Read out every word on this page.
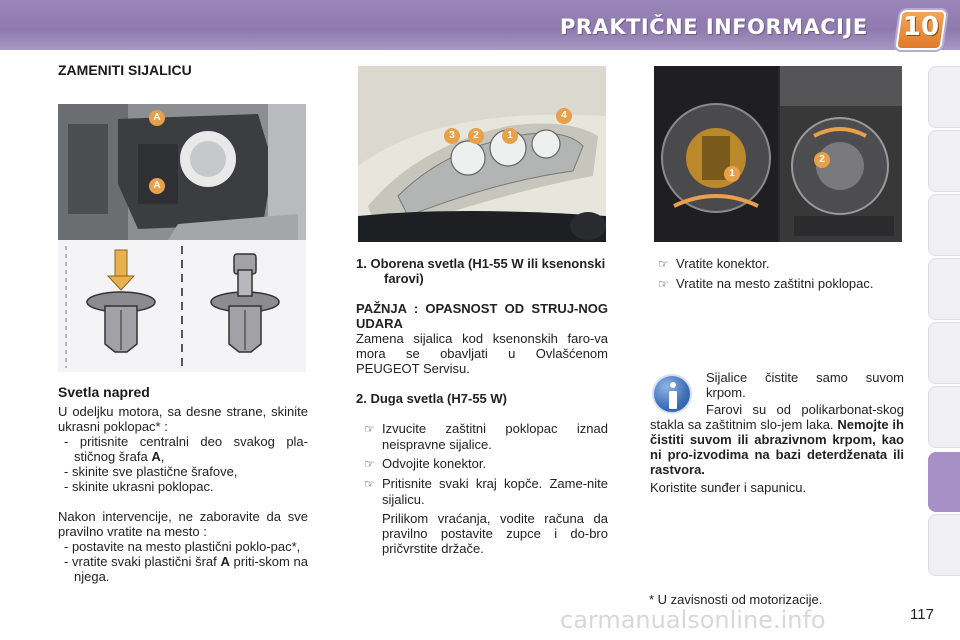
PRAKTIČNE INFORMACIJE 10
ZAMENITI SIJALICU
A
A
Svetla napred

U odeljku motora, sa desne strane, skinite ukrasni poklopac* :

- pritisnite centralni deo svakog pla-stičnog šrafa A,

- skinite sve plastične šrafove,

- skinite ukrasni poklopac.

Nakon intervencije, ne zaboravite da sve pravilno vratite na mesto :

- postavite na mesto plastični poklo-pac*,

- vratite svaki plastični šraf A priti-skom na njega.

3	2	1
4

1. Oborena svetla (H1-55 W ili ksenonski farovi)

PAŽNJA : OPASNOST OD STRUJ-NOG UDARA

Zamena sijalica kod ksenonskih faro-va mora se obavljati u Ovlašćenom PEUGEOT Servisu.

2. Duga svetla (H7-55 W)

☞ Izvucite zaštitni poklopac iznad neispravne sijalice.

☞ Odvojite konektor.

☞ Pritisnite svaki kraj kopče. Zame-nite sijalicu.

Prilikom vraćanja, vodite računa da pravilno postavite zupce i do-bro pričvrstite držače.

1
2

☞ Vratite konektor.

☞ Vratite na mesto zaštitni poklopac.

Sijalice čistite samo suvom krpom.

Farovi su od polikarbonat-skog stakla sa zaštitnim slo-jem laka. Nemojte ih čistiti suvom ili abrazivnom krpom, kao ni pro-izvodima na bazi deterdženata ili rastvora.
Koristite sunđer i sapunicu.
* U zavisnosti od motorizacije.
carmanualsonline.info	117
